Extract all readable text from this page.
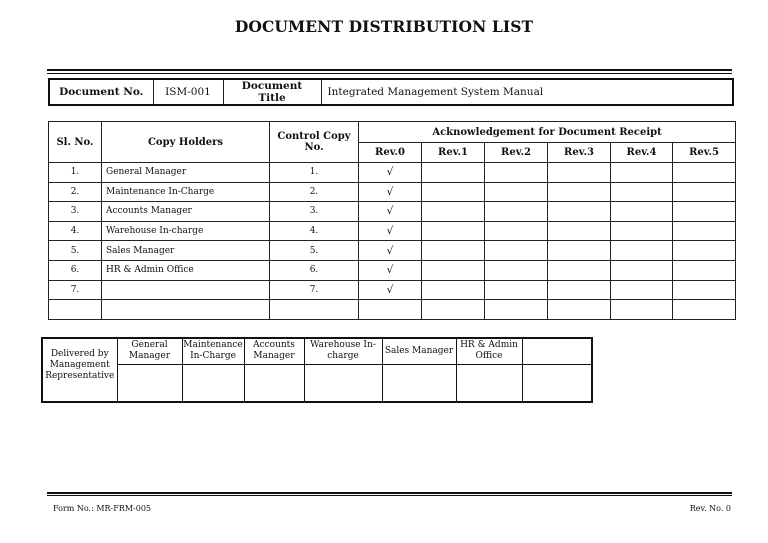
DOCUMENT DISTRIBUTION LIST
Document No.	ISM-001	Document Title	Integrated Management System Manual
Sl. No.	Copy Holders	Control Copy No.	Acknowledgement for Document Receipt					
			Rev.0	Rev.1	Rev.2	Rev.3	Rev.4	Rev.5
1.	General Manager	1.	√					
2.	Maintenance In-Charge	2.	√					
3.	Accounts Manager	3.	√					
4.	Warehouse In-charge	4.	√					
5.	Sales Manager	5.	√					
6.	HR & Admin Office	6.	√					
7.		7.	√					

Delivered by Management Representative	General Manager	Maintenance In-Charge	Accounts Manager	Warehouse In-charge	Sales Manager	HR & Admin Office	

Form No.: MR-FRM-005	Rev. No. 0
